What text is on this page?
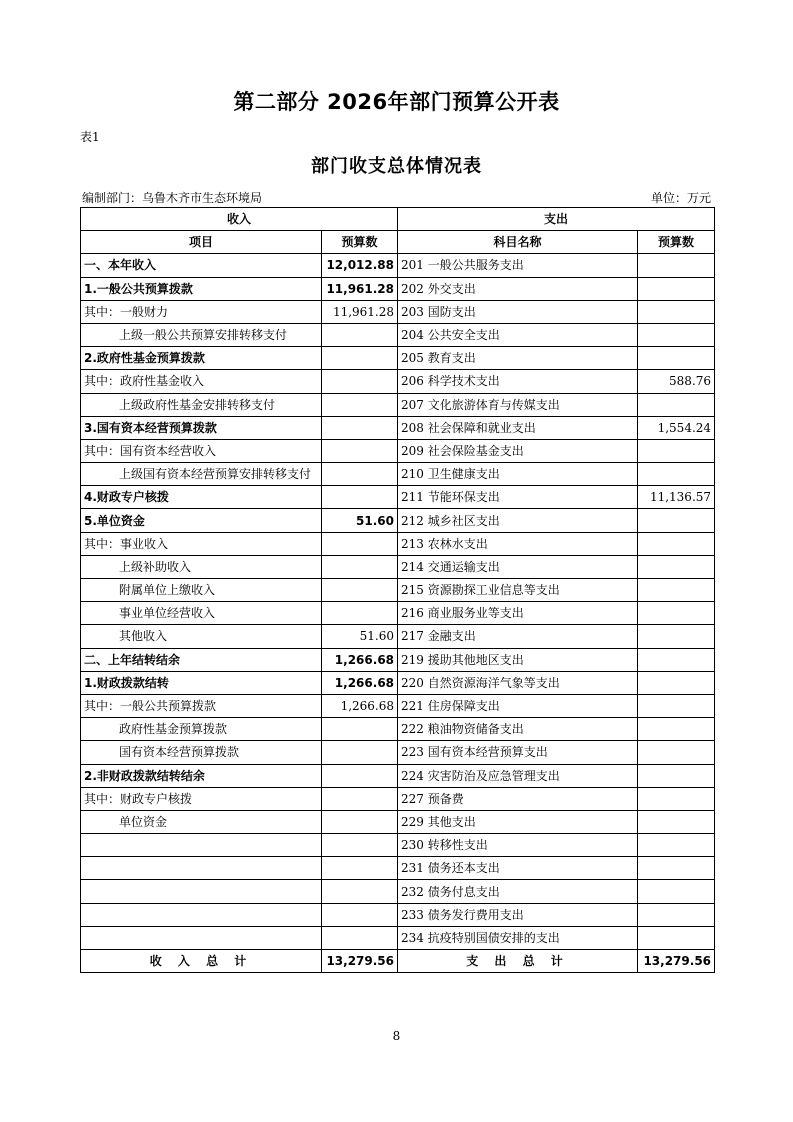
第二部分 2026年部门预算公开表
表1
部门收支总体情况表
编制部门：乌鲁木齐市生态环境局	单位：万元
收入		支出	
项目	预算数	科目名称	预算数
一、本年收入	12,012.88	201 一般公共服务支出	
1.一般公共预算拨款	11,961.28	202 外交支出	
其中：一般财力	11,961.28	203 国防支出	
上级一般公共预算安排转移支付		204 公共安全支出	
2.政府性基金预算拨款		205 教育支出	
其中：政府性基金收入		206 科学技术支出	588.76
上级政府性基金安排转移支付		207 文化旅游体育与传媒支出	
3.国有资本经营预算拨款		208 社会保障和就业支出	1,554.24
其中：国有资本经营收入		209 社会保险基金支出	
上级国有资本经营预算安排转移支付		210 卫生健康支出	
4.财政专户核拨		211 节能环保支出	11,136.57
5.单位资金	51.60	212 城乡社区支出	
其中：事业收入		213 农林水支出	
上级补助收入		214 交通运输支出	
附属单位上缴收入		215 资源勘探工业信息等支出	
事业单位经营收入		216 商业服务业等支出	
其他收入	51.60	217 金融支出	
二、上年结转结余	1,266.68	219 援助其他地区支出	
1.财政拨款结转	1,266.68	220 自然资源海洋气象等支出	
其中：一般公共预算拨款	1,266.68	221 住房保障支出	
政府性基金预算拨款		222 粮油物资储备支出	
国有资本经营预算拨款		223 国有资本经营预算支出	
2.非财政拨款结转结余		224 灾害防治及应急管理支出	
其中：财政专户核拨		227 预备费	
单位资金		229 其他支出	
		230 转移性支出	
		231 债务还本支出	
		232 债务付息支出	
		233 债务发行费用支出	
		234 抗疫特别国债安排的支出	
收 入 总 计	13,279.56	支 出 总 计	13,279.56
8
